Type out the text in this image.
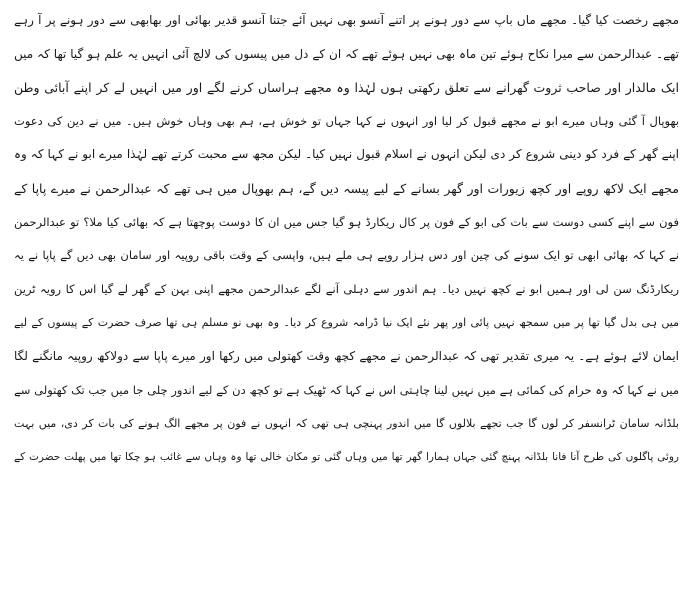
مجھے رخصت کیا گیا۔ مجھے ماں باپ سے دور ہونے پر اتنے آنسو بھی نہیں آئے جتنا آنسو قدیر بھائی اور بھابھی سے دور ہونے پر آ رہے
تھے۔ عبدالرحمن سے میرا نکاح ہوئے تین ماہ بھی نہیں ہوئے تھے کہ ان کے دل میں پیسوں کی لالچ آئی انہیں یہ علم ہو گیا تھا کہ میں
ایک مالدار اور صاحب ثروت گھرانے سے تعلق رکھتی ہوں لہٰذا وہ مجھے ہراساں کرنے لگے اور میں انہیں لے کر اپنے آبائی وطن
بھوپال آ گئی وہاں میرے ابو نے مجھے قبول کر لیا اور انہوں نے کہا جہاں تو خوش ہے، ہم بھی وہاں خوش ہیں۔ میں نے دین کی دعوت
اپنے گھر کے فرد کو دینی شروع کر دی لیکن انہوں نے اسلام قبول نہیں کیا۔ لیکن مجھ سے محبت کرتے تھے لہٰذا میرے ابو نے کہا کہ وہ
مجھے ایک لاکھ روپے اور کچھ زیورات اور گھر بسانے کے لیے پیسہ دیں گے، ہم بھوپال میں ہی تھے کہ عبدالرحمن نے میرے پاپا کے
فون سے اپنے کسی دوست سے بات کی ابو کے فون پر کال ریکارڈ ہو گیا جس میں ان کا دوست پوچھتا ہے کہ بھائی کیا ملا؟ تو عبدالرحمن
نے کہا کہ بھائی ابھی تو ایک سونے کی چین اور دس ہزار روپے ہی ملے ہیں، واپسی کے وقت باقی روپیہ اور سامان بھی دیں گے پاپا نے یہ
ریکارڈنگ سن لی اور ہمیں ابو نے کچھ نہیں دیا۔ ہم اندور سے دہلی آنے لگے عبدالرحمن مجھے اپنی بہن کے گھر لے گیا اس کا رویہ ٹرین
میں ہی بدل گیا تھا پر میں سمجھ نہیں پائی اور پھر نئے ایک نیا ڈرامہ شروع کر دیا۔ وہ بھی نو مسلم ہی تھا صرف حضرت کے پیسوں کے لیے
ایمان لائے ہوئے ہے۔ یہ میری تقدیر تھی کہ عبدالرحمن نے مجھے کچھ وقت کھتولی میں رکھا اور میرے پاپا سے دولاکھ روپیہ مانگنے لگا
میں نے کہا کہ وہ حرام کی کمائی ہے میں نہیں لینا چاہتی اس نے کہا کہ ٹھیک ہے تو کچھ دن کے لیے اندور چلی جا میں جب تک کھتولی سے
بلڈانہ سامان ٹرانسفر کر لوں گا جب تجھے بلالوں گا میں اندور پہنچی ہی تھی کہ انہوں نے فون پر مجھے الگ ہونے کی بات کر دی، میں بہت
روئی پاگلوں کی طرح آنا فانا بلڈانہ پہنچ گئی جہاں ہمارا گھر تھا میں وہاں گئی تو مکان خالی تھا وہ وہاں سے غائب ہو چکا تھا میں پھلت حضرت کے
